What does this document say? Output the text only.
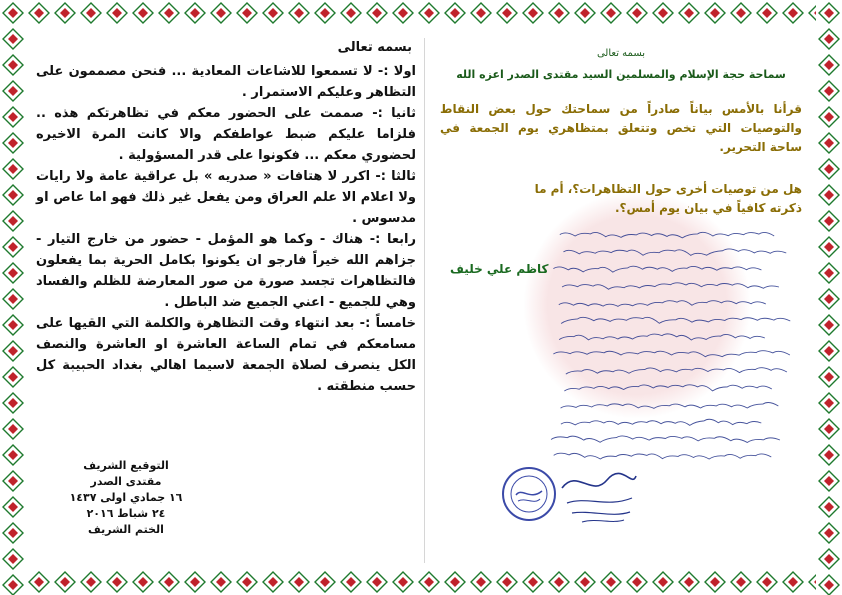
بسمه تعالى

اولا :- لا تسمعوا للاشاعات المعادية ... فنحن مصممون على التظاهر وعليكم الاستمرار .

ثانيا :- صممت على الحضور معكم في تظاهرتكم هذه .. فلزاما عليكم ضبط عواطفكم والا كانت المرة الاخيره لحضوري معكم ... فكونوا على قدر المسؤولية .

ثالثا :- اكرر لا هتافات « صدريه » بل عراقية عامة ولا رايات ولا اعلام الا علم العراق ومن يفعل غير ذلك فهو اما عاص او مدسوس .

رابعا :- هناك - وكما هو المؤمل - حضور من خارج التيار - جزاهم الله خيراً فارجو ان يكونوا بكامل الحرية بما يفعلون فالتظاهرات تجسد صورة من صور المعارضة للظلم والفساد وهي للجميع - اعني الجميع ضد الباطل .

خامساً :- بعد انتهاء وقت التظاهرة والكلمة التي القيها على مسامعكم في تمام الساعة العاشرة او العاشرة والنصف الكل ينصرف لصلاة الجمعة لاسيما اهالي بغداد الحبيبة كل حسب منطقته .

التوقيع الشريف
مقتدى الصدر
١٦ جمادي اولى ١٤٣٧
٢٤ شباط ٢٠١٦
الختم الشريف
بسمه تعالى
سماحة حجة الإسلام والمسلمين السيد مقتدى الصدر اعزه الله

قرأنا بالأمس بياناً صادراً من سماحتك حول بعض النقاط والتوصيات التي تخص وتتعلق بمتظاهري يوم الجمعة في ساحة التحرير.

هل من توصيات أخرى حول التظاهرات؟، أم ما ذكرته كافياً في بيان يوم أمس؟.

كاظم علي خليف
